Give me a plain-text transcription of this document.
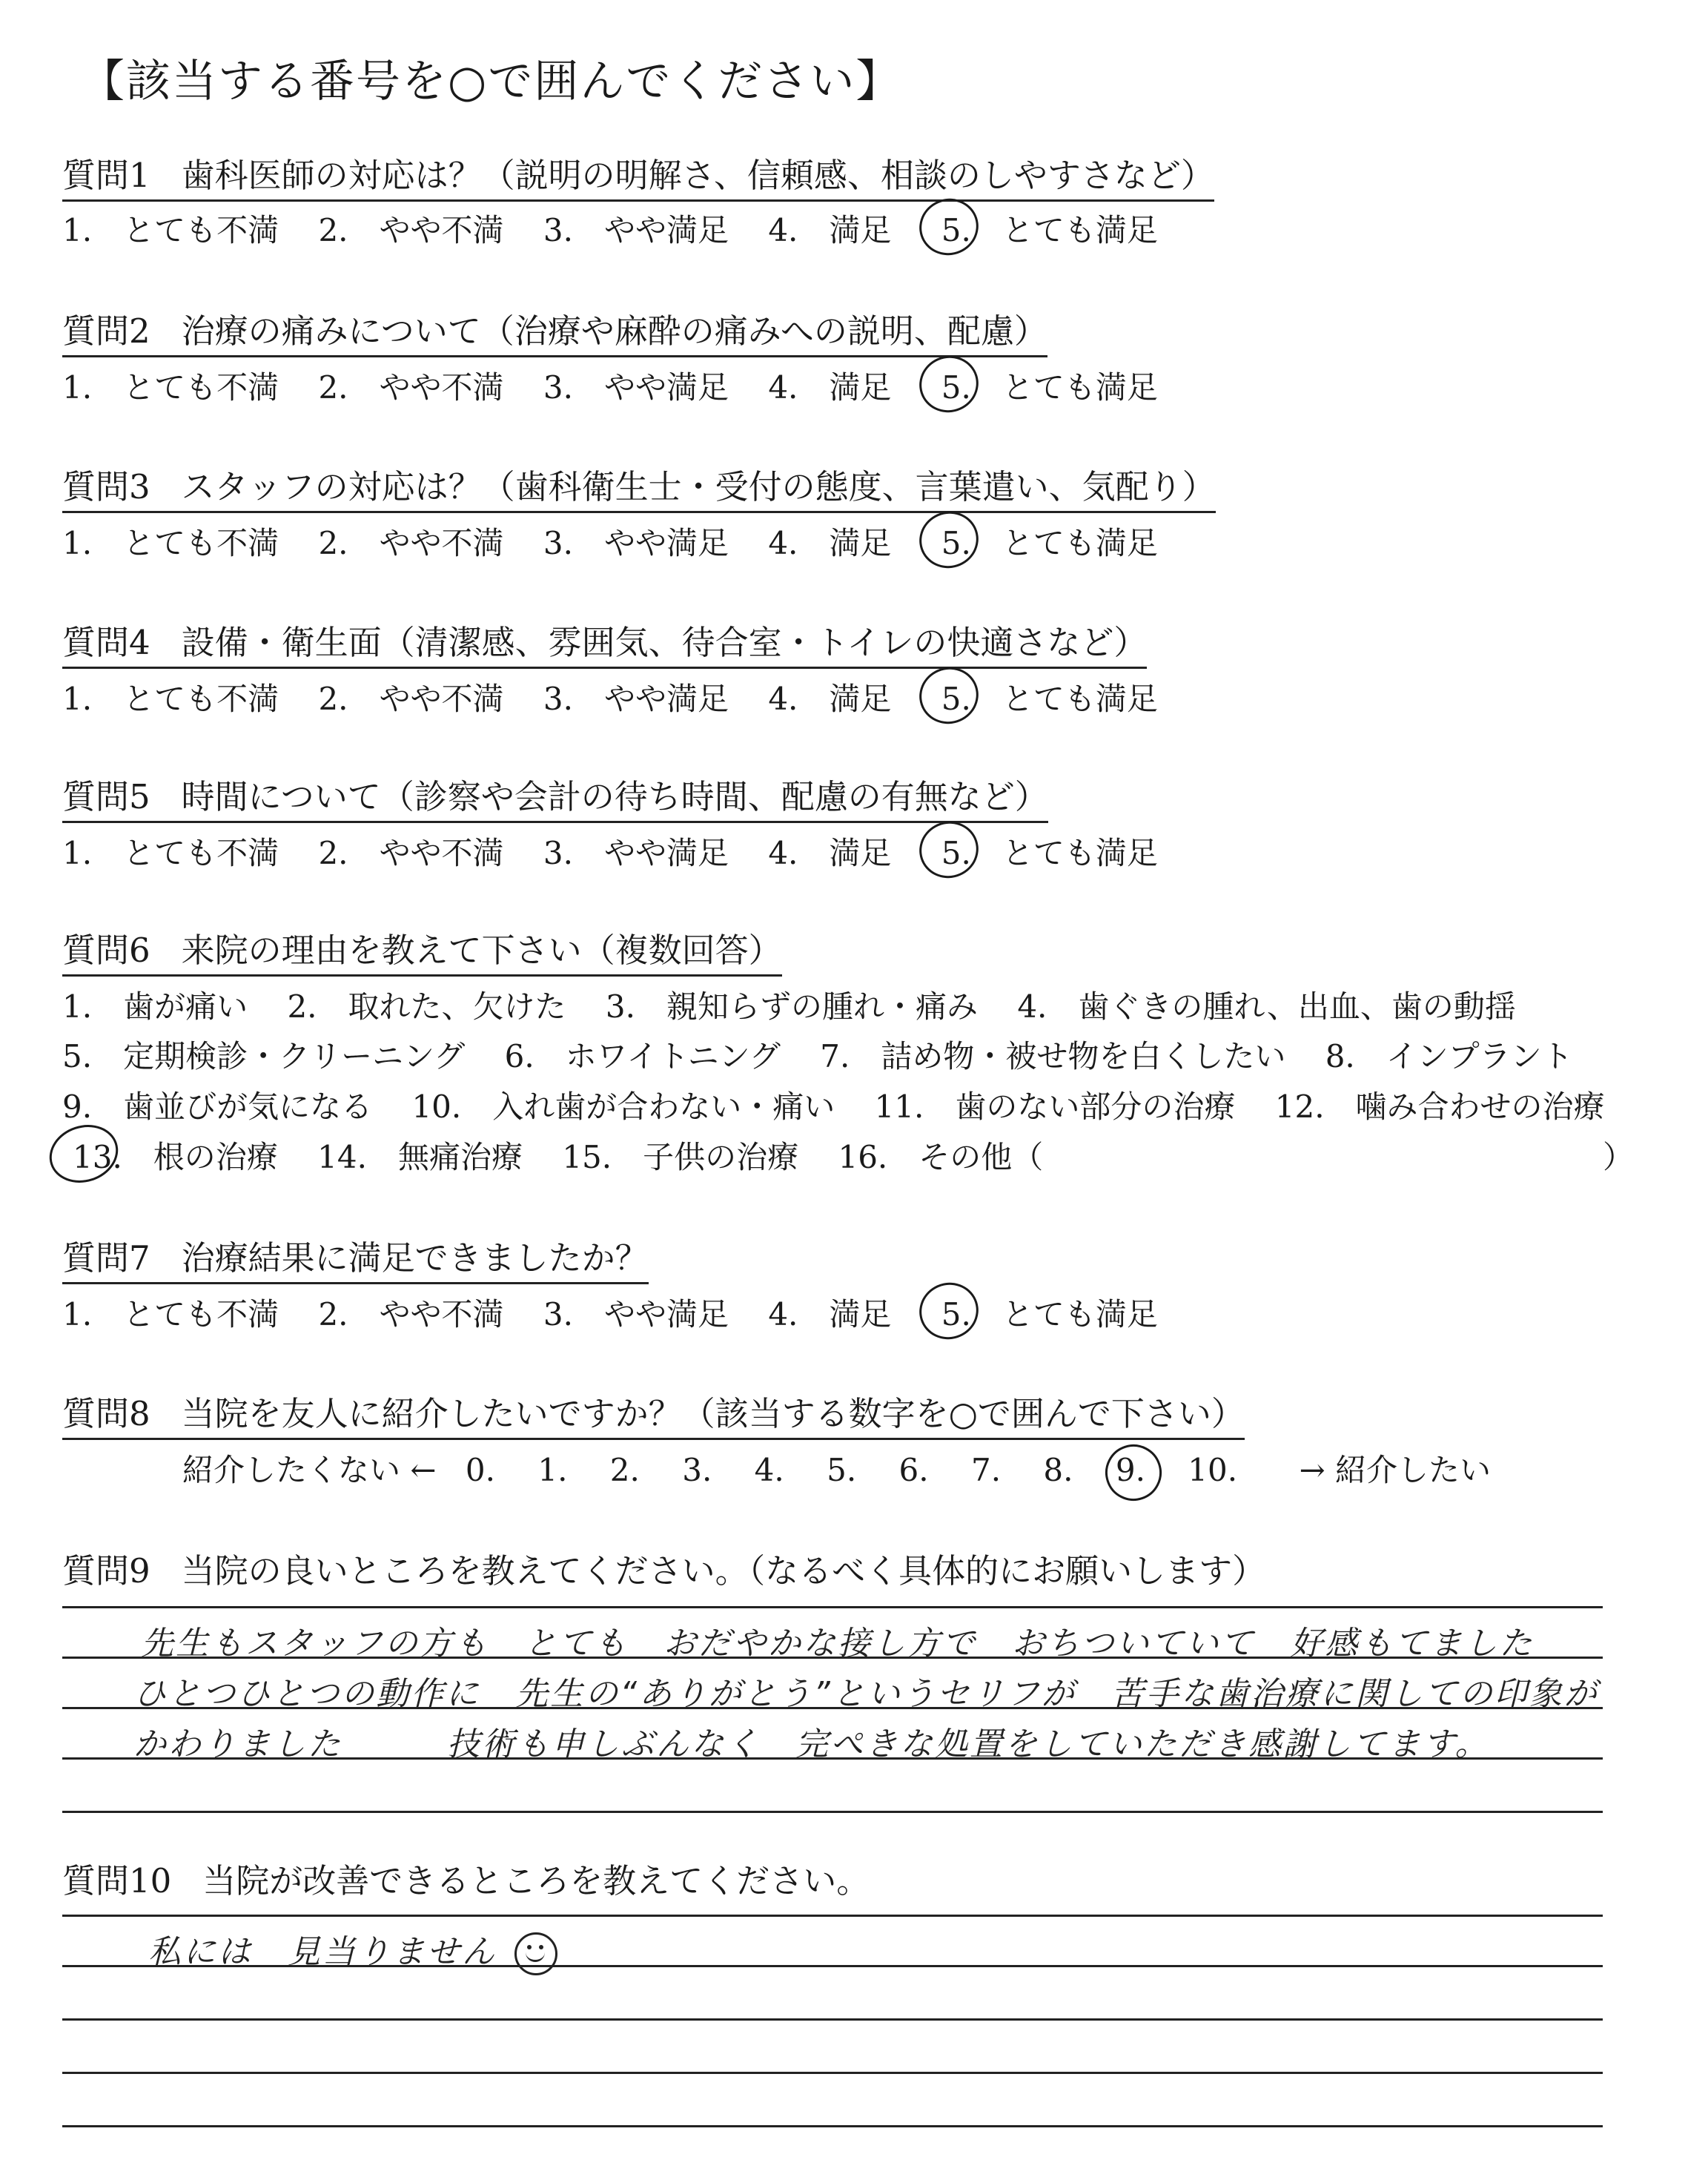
【該当する番号を○で囲んでください】
質問1 歯科医師の対応は？（説明の明解さ、信頼感、相談のしやすさなど）
1.　とても不満 2.　やや不満 3.　やや満足 4.　満足 5.　とても満足
質問2 治療の痛みについて（治療や麻酔の痛みへの説明、配慮）
1.　とても不満 2.　やや不満 3.　やや満足 4.　満足 5.　とても満足
質問3 スタッフの対応は？（歯科衛生士・受付の態度、言葉遣い、気配り）
1.　とても不満 2.　やや不満 3.　やや満足 4.　満足 5.　とても満足
質問4 設備・衛生面（清潔感、雰囲気、待合室・トイレの快適さなど）
1.　とても不満 2.　やや不満 3.　やや満足 4.　満足 5.　とても満足
質問5 時間について（診察や会計の待ち時間、配慮の有無など）
1.　とても不満 2.　やや不満 3.　やや満足 4.　満足 5.　とても満足
質問6 来院の理由を教えて下さい（複数回答）
1.　歯が痛い 2.　取れた、欠けた 3.　親知らずの腫れ・痛み 4.　歯ぐきの腫れ、出血、歯の動揺
5.　定期検診・クリーニング 6.　ホワイトニング 7.　詰め物・被せ物を白くしたい 8.　インプラント
9.　歯並びが気になる 10.　入れ歯が合わない・痛い 11.　歯のない部分の治療 12.　噛み合わせの治療
13.　根の治療 14.　無痛治療 15.　子供の治療 16.　その他（	）
質問7 治療結果に満足できましたか？
1.　とても不満 2.　やや不満 3.　やや満足 4.　満足 5.　とても満足
質問8 当院を友人に紹介したいですか？（該当する数字を○で囲んで下さい）
紹介したくない ← 0. 1. 2. 3. 4. 5. 6. 7. 8. 9. 10. → 紹介したい
質問9 当院の良いところを教えてください。（なるべく具体的にお願いします）
先生もスタッフの方も　とても　おだやかな接し方で　おちついていて　好感もてました
ひとつひとつの動作に　先生の“ありがとう”というセリフが　苦手な歯治療に関しての印象が
かわりました　　　技術も申しぶんなく　完ぺきな処置をしていただき感謝してます。
質問10 当院が改善できるところを教えてください。
私には　見当りません
